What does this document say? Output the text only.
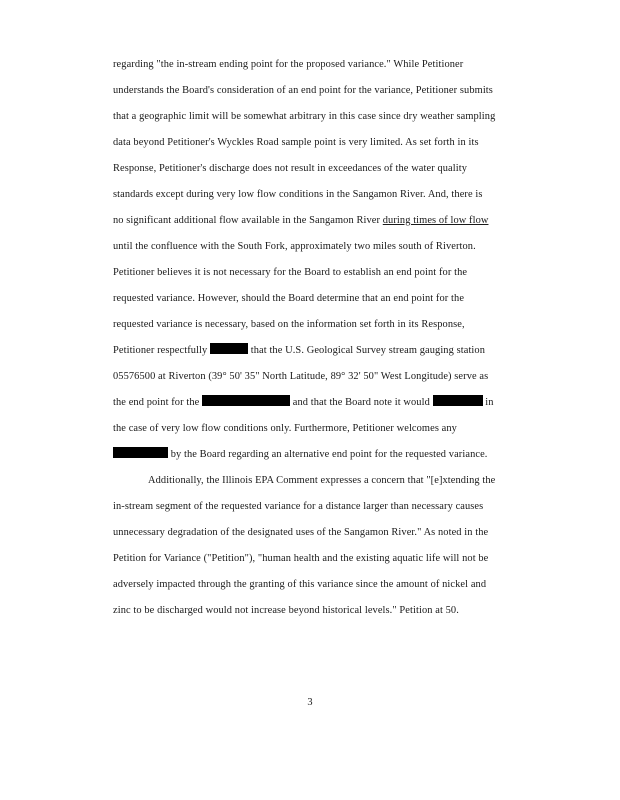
regarding "the in-stream ending point for the proposed variance." While Petitioner
understands the Board's consideration of an end point for the variance, Petitioner submits
that a geographic limit will be somewhat arbitrary in this case since dry weather sampling
data beyond Petitioner's Wyckles Road sample point is very limited. As set forth in its
Response, Petitioner's discharge does not result in exceedances of the water quality
standards except during very low flow conditions in the Sangamon River. And, there is
no significant additional flow available in the Sangamon River during times of low flow
until the confluence with the South Fork, approximately two miles south of Riverton.
Petitioner believes it is not necessary for the Board to establish an end point for the
requested variance. However, should the Board determine that an end point for the
requested variance is necessary, based on the information set forth in its Response,
Petitioner respectfully	that the U.S. Geological Survey stream gauging station
05576500 at Riverton (39° 50' 35" North Latitude, 89° 32' 50" West Longitude) serve as
the end point for the	and that the Board note it would	in
the case of very low flow conditions only. Furthermore, Petitioner welcomes any
by the Board regarding an alternative end point for the requested variance.
Additionally, the Illinois EPA Comment expresses a concern that "[e]xtending the
in-stream segment of the requested variance for a distance larger than necessary causes
unnecessary degradation of the designated uses of the Sangamon River." As noted in the
Petition for Variance ("Petition"), "human health and the existing aquatic life will not be
adversely impacted through the granting of this variance since the amount of nickel and
zinc to be discharged would not increase beyond historical levels." Petition at 50.
3
